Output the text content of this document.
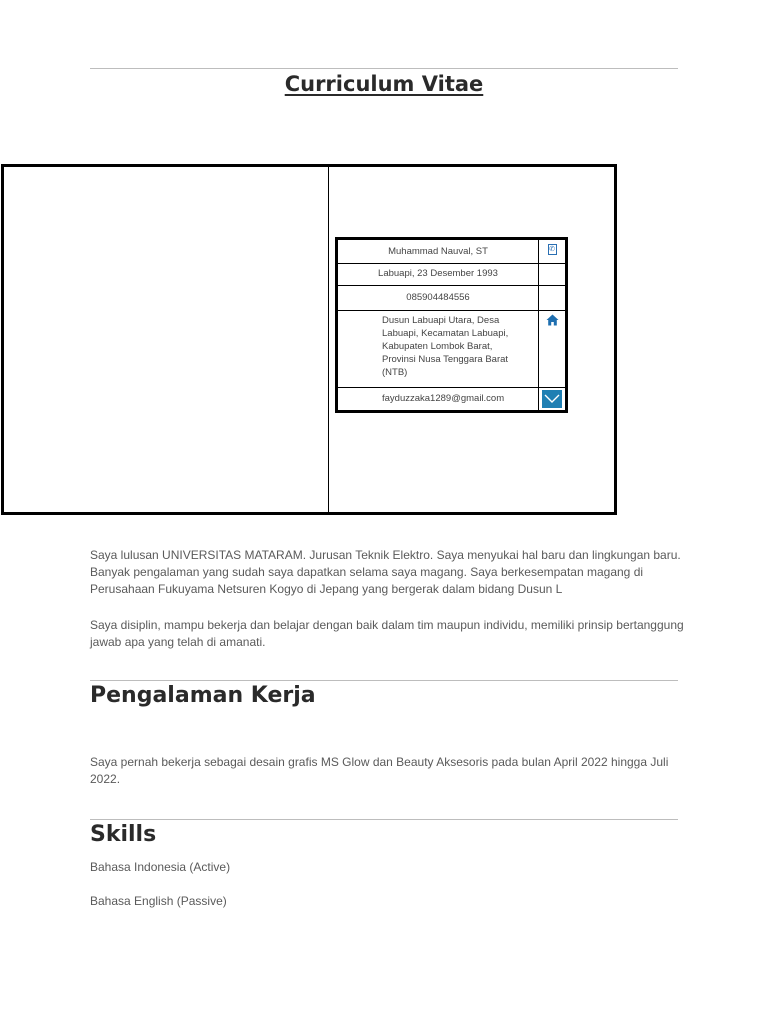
Curriculum Vitae
Muhammad Nauval, ST	✆
Labuapi, 23 Desember 1993
085904484556
Dusun Labuapi Utara, Desa Labuapi, Kecamatan Labuapi, Kabupaten Lombok Barat, Provinsi Nusa Tenggara Barat (NTB)
fayduzzaka1289@gmail.com

Saya lulusan UNIVERSITAS MATARAM. Jurusan Teknik Elektro. Saya menyukai hal baru dan lingkungan baru. Banyak pengalaman yang sudah saya dapatkan selama saya magang. Saya berkesempatan magang di Perusahaan Fukuyama Netsuren Kogyo di Jepang yang bergerak dalam bidang Dusun L

Saya disiplin, mampu bekerja dan belajar dengan baik dalam tim maupun individu, memiliki prinsip bertanggung jawab apa yang telah di amanati.

Pengalaman Kerja

Saya pernah bekerja sebagai desain grafis MS Glow dan Beauty Aksesoris pada bulan April 2022 hingga Juli 2022.

Skills

Bahasa Indonesia (Active)

Bahasa English (Passive)
